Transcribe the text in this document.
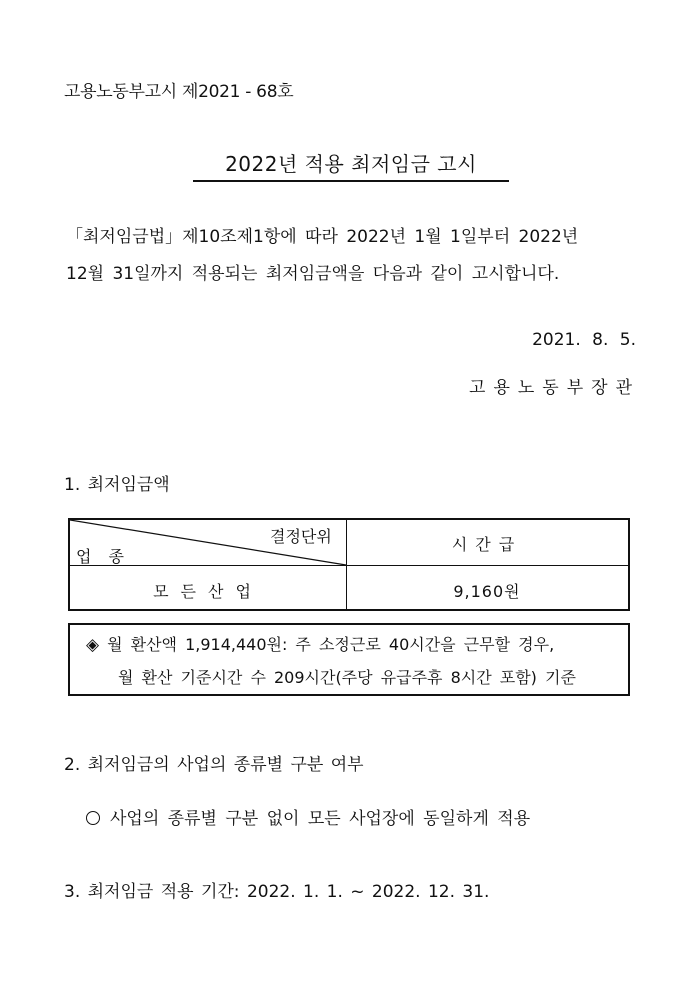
고용노동부고시 제2021 - 68호
2022년 적용 최저임금 고시
「최저임금법」제10조제1항에 따라 2022년 1월 1일부터 2022년
12월 31일까지 적용되는 최저임금액을 다음과 같이 고시합니다.
2021. 8. 5.
고용노동부장관
1. 최저임금액
결정단위
업 종
시간급
모든산업	9,160원
◈ 월 환산액 1,914,440원: 주 소정근로 40시간을 근무할 경우,
월 환산 기준시간 수 209시간(주당 유급주휴 8시간 포함) 기준
2. 최저임금의 사업의 종류별 구분 여부
사업의 종류별 구분 없이 모든 사업장에 동일하게 적용
3. 최저임금 적용 기간: 2022. 1. 1. ~ 2022. 12. 31.
